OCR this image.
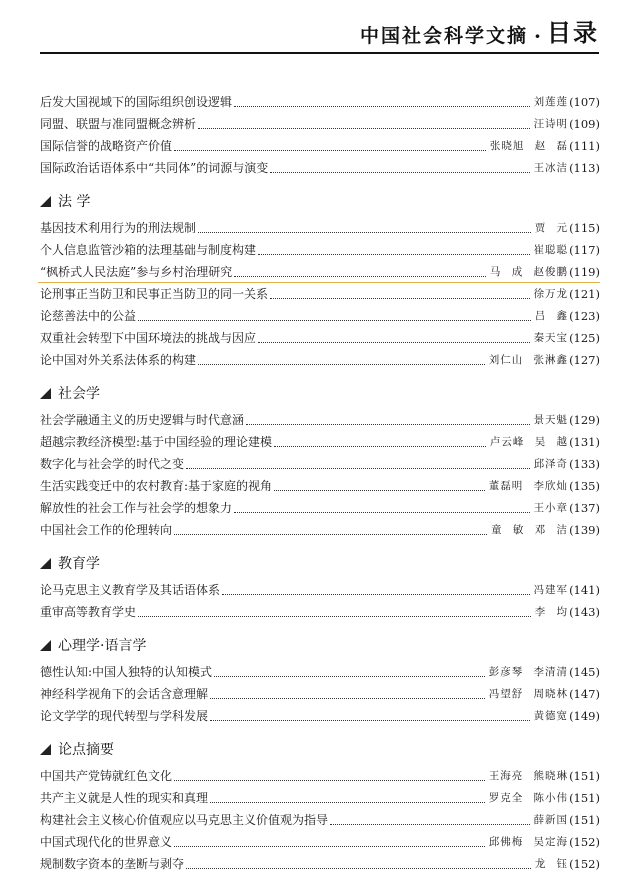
中国社会科学文摘 · 目录
后发大国视域下的国际组织创设逻辑	刘莲莲 (107)
同盟、联盟与准同盟概念辨析	汪诗明 (109)
国际信誉的战略资产价值	张晓旭 赵 磊 (111)
国际政治话语体系中“共同体”的词源与演变	王冰洁 (113)
法 学
基因技术利用行为的刑法规制	贾 元 (115)
个人信息监管沙箱的法理基础与制度构建	崔聪聪 (117)
“枫桥式人民法庭”参与乡村治理研究	马 成 赵俊鹏 (119)
论刑事正当防卫和民事正当防卫的同一关系	徐万龙 (121)
论慈善法中的公益	吕 鑫 (123)
双重社会转型下中国环境法的挑战与因应	秦天宝 (125)
论中国对外关系法体系的构建	刘仁山 张淋鑫 (127)
社会学
社会学融通主义的历史逻辑与时代意涵	景天魁 (129)
超越宗教经济模型:基于中国经验的理论建模	卢云峰 吴 越 (131)
数字化与社会学的时代之变	邱泽奇 (133)
生活实践变迁中的农村教育:基于家庭的视角	董磊明 李欣灿 (135)
解放性的社会工作与社会学的想象力	王小章 (137)
中国社会工作的伦理转向	童 敏 邓 洁 (139)
教育学
论马克思主义教育学及其话语体系	冯建军 (141)
重审高等教育学史	李 均 (143)
心理学·语言学
德性认知:中国人独特的认知模式	彭彦琴 李清清 (145)
神经科学视角下的会话含意理解	冯望舒 周晓林 (147)
论文学学的现代转型与学科发展	黄德宽 (149)
论点摘要
中国共产党铸就红色文化	王海亮 熊晓琳 (151)
共产主义就是人性的现实和真理	罗克全 陈小伟 (151)
构建社会主义核心价值观应以马克思主义价值观为指导	薛新国 (151)
中国式现代化的世界意义	邱佛梅 吴定海 (152)
规制数字资本的垄断与剥夺	龙 钰 (152)
